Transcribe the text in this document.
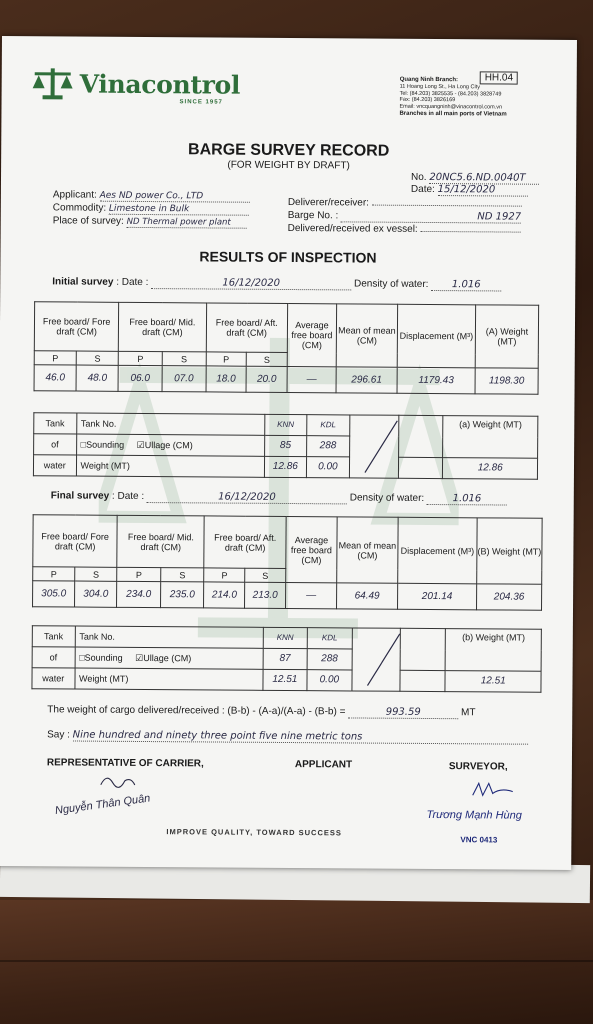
Vinacontrol
SINCE 1957
HH.04
Quang Ninh Branch:
11 Hoang Long St., Ha Long City
Tel: (84.203) 3825535 - (84.203) 3828749
Fax: (84.203) 3826169
Email: vncquangninh@vinacontrol.com.vn
Branches in all main ports of Vietnam
BARGE SURVEY RECORD
(FOR WEIGHT BY DRAFT)
No. 20NC5.6.ND.0040T
Date: 15/12/2020
Applicant: Aes ND power Co., LTD
Commodity: Limestone in Bulk
Place of survey: ND Thermal power plant
Deliverer/receiver:
Barge No. :	ND 1927
Delivered/received ex vessel:
RESULTS OF INSPECTION
Initial survey : Date :	16/12/2020	Density of water: 1.016
Free board/ Fore draft (CM)		Free board/ Mid. draft (CM)		Free board/ Aft. draft (CM)		Average free board (CM)	Mean of mean (CM)	Displacement (M³)	(A) Weight (MT)
P	S	P	S	P	S				
46.0	48.0	06.0	07.0	18.0	20.0	—	296.61	1179.43	1198.30
Tank	Tank No.	KNN	KDL			(a) Weight (MT)
of	□Sounding ☑Ullage (CM)	85	288			
water	Weight (MT)	12.86	0.00			12.86
Final survey : Date :	16/12/2020	Density of water:	1.016
Free board/ Fore draft (CM)		Free board/ Mid. draft (CM)		Free board/ Aft. draft (CM)		Average free board (CM)	Mean of mean (CM)	Displacement (M³)	(B) Weight (MT)
P	S	P	S	P	S				
305.0	304.0	234.0	235.0	214.0	213.0	—	64.49	201.14	204.36
Tank	Tank No.	KNN	KDL			(b) Weight (MT)
of	□Sounding ☑Ullage (CM)	87	288			
water	Weight (MT)	12.51	0.00			12.51
The weight of cargo delivered/received : (B-b) - (A-a)/(A-a) - (B-b) =	993.59	MT
Say : Nine hundred and ninety three point five nine metric tons
REPRESENTATIVE OF CARRIER,	APPLICANT	SURVEYOR,
Nguyễn Thân Quân	Trương Mạnh Hùng
VNC 0413
IMPROVE QUALITY, TOWARD SUCCESS
